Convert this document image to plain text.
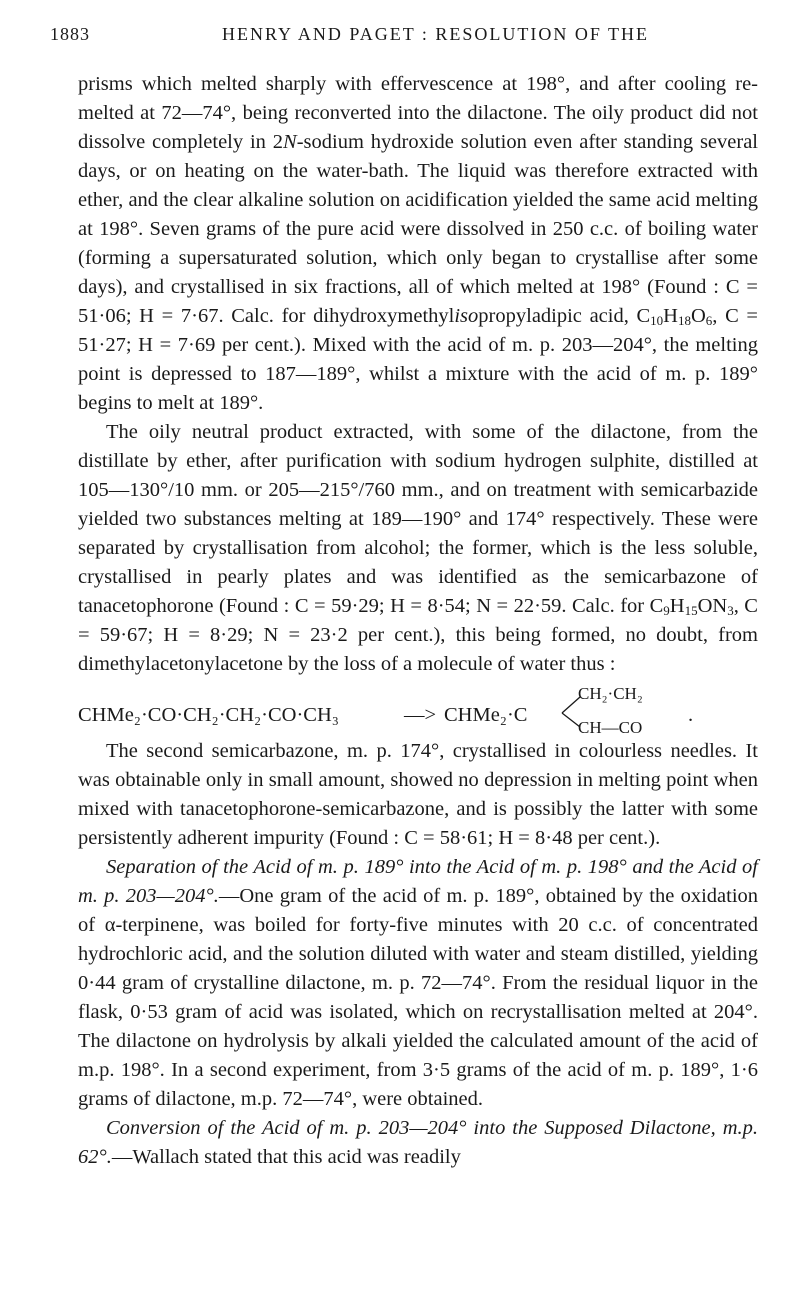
1883	HENRY AND PAGET : RESOLUTION OF THE

prisms which melted sharply with effervescence at 198°, and after cooling re-melted at 72—74°, being reconverted into the dilactone. The oily product did not dissolve completely in 2N-sodium hydroxide solution even after standing several days, or on heating on the water-bath. The liquid was therefore extracted with ether, and the clear alkaline solution on acidification yielded the same acid melting at 198°. Seven grams of the pure acid were dissolved in 250 c.c. of boiling water (forming a supersaturated solution, which only began to crystallise after some days), and crystallised in six fractions, all of which melted at 198° (Found : C = 51·06; H = 7·67. Calc. for dihydroxymethylisopropyladipic acid, $C_{10}H_{18}O_6$, C = 51·27; H = 7·69 per cent.). Mixed with the acid of m. p. 203—204°, the melting point is depressed to 187—189°, whilst a mixture with the acid of m. p. 189° begins to melt at 189°.

The oily neutral product extracted, with some of the dilactone, from the distillate by ether, after purification with sodium hydrogen sulphite, distilled at 105—130°/10 mm. or 205—215°/760 mm., and on treatment with semicarbazide yielded two substances melting at 189—190° and 174° respectively. These were separated by crystallisation from alcohol; the former, which is the less soluble, crystallised in pearly plates and was identified as the semicarbazone of tanacetophorone (Found : C = 59·29; H = 8·54; N = 22·59. Calc. for $C_9H_{15}ON_3$, C = 59·67; H = 8·29; N = 23·2 per cent.), this being formed, no doubt, from dimethylacetonylacetone by the loss of a molecule of water thus :

CHMe₂·CO·CH₂·CH₂·CO·CH₃	—> CHMe₂·C
CH₂·CH₂
CH—CO
.

The second semicarbazone, m. p. 174°, crystallised in colourless needles. It was obtainable only in small amount, showed no depression in melting point when mixed with tanacetophorone-semicarbazone, and is possibly the latter with some persistently adherent impurity (Found : C = 58·61; H = 8·48 per cent.).

Separation of the Acid of m. p. 189° into the Acid of m. p. 198° and the Acid of m. p. 203—204°.—One gram of the acid of m. p. 189°, obtained by the oxidation of α-terpinene, was boiled for forty-five minutes with 20 c.c. of concentrated hydrochloric acid, and the solution diluted with water and steam distilled, yielding 0·44 gram of crystalline dilactone, m. p. 72—74°. From the residual liquor in the flask, 0·53 gram of acid was isolated, which on recrystallisation melted at 204°. The dilactone on hydrolysis by alkali yielded the calculated amount of the acid of m.p. 198°. In a second experiment, from 3·5 grams of the acid of m. p. 189°, 1·6 grams of dilactone, m.p. 72—74°, were obtained.

Conversion of the Acid of m. p. 203—204° into the Supposed Dilactone, m.p. 62°.—Wallach stated that this acid was readily
